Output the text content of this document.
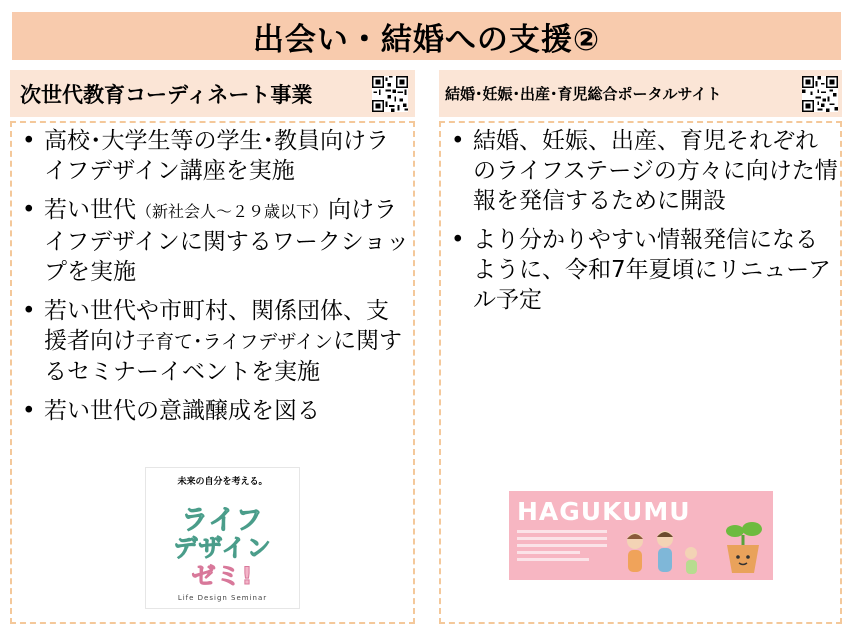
出会い・結婚への支援②
次世代教育コーディネート事業
• 高校･大学生等の学生･教員向けライフデザイン講座を実施
• 若い世代（新社会人～２９歳以下）向けライフデザインに関するワークショップを実施
• 若い世代や市町村、関係団体、支援者向け子育て･ライフデザインに関するセミナーイベントを実施
• 若い世代の意識醸成を図る
未来の自分を考える。
ライフ
デザイン
ゼミ!
Life Design Seminar
結婚･妊娠･出産･育児総合ポータルサイト
• 結婚、妊娠、出産、育児それぞれのライフステージの方々に向けた情報を発信するために開設
• より分かりやすい情報発信になるように、令和7年夏頃にリニューアル予定
HAGUKUMU
